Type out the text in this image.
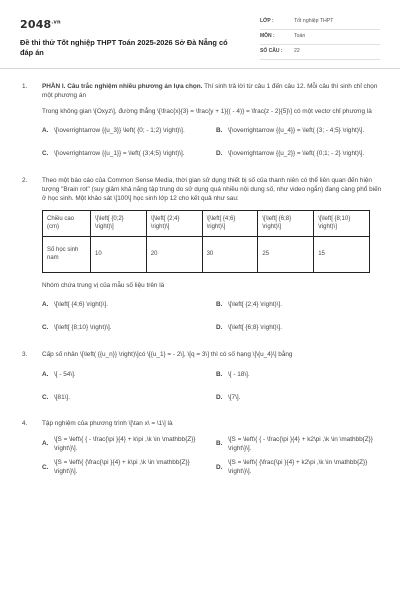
$2048^{.vn}$
Đề thi thử Tốt nghiệp THPT Toán 2025-2026 Sở Đà Nẵng có đáp án
LỚP :	Tốt nghiệp THPT
MÔN :	Toán
SỐ CÂU :	22
1.	PHẦN I. Câu trắc nghiệm nhiều phương án lựa chọn. Thí sinh trả lời từ câu 1 đến câu 12. Mỗi câu thí sinh chỉ chọn một phương án
Trong không gian \[Oxyz\], đường thẳng \[\frac{x}{3} = \frac{y + 1}{( - 4)} = \frac{z - 2}{5}\] có một vectơ chỉ phương là
A. \[\overrightarrow {{u_3}} \left( {0; - 1;2} \right)\].	B. \[\overrightarrow {{u_4}} = \left( {3; - 4;5} \right)\].
C. \[\overrightarrow {{u_1}} = \left( {3;4;5} \right)\].	D. \[\overrightarrow {{u_2}} = \left( {0;1; - 2} \right)\].
2.	Theo một báo cáo của Common Sense Media, thời gian sử dụng thiết bị số của thanh niên có thể liên quan đến hiện tượng "Brain rot" (suy giảm khả năng tập trung do sử dụng quá nhiều nội dung số, như video ngắn) đang càng phổ biến ở học sinh. Một khảo sát \[100\] học sinh lớp 12 cho kết quả như sau:
Chiều cao (cm)	\[\left[ {0;2} \right)\]	\[\left[ {2;4} \right)\]	\[\left[ {4;6} \right)\]	\[\left[ {6;8} \right)\]	\[\left[ {8;10} \right)\]
Số học sinh nam	10	20	30	25	15
Nhóm chứa trung vị của mẫu số liệu trên là
A. \[\left[ {4;6} \right)\].	B. \[\left[ {2;4} \right)\].
C. \[\left[ {8;10} \right)\].	D. \[\left[ {6;8} \right)\].
3.	Cấp số nhân \[\left( {{u_n}} \right)\]có \[{u_1} = - 2\], \[q = 3\] thì có số hạng \[\{u_4}\] bằng
A. \[ - 54\].	B. \[ - 18\].
C. \[81\].	D. \[7\].
4.	Tập nghiệm của phương trình \[\tan x\ = \1\] là
A.
\[S = \left\{ { - \frac{\pi }{4} + k\pi ,\k \in \mathbb{Z}} \right\}\].
B.
\[S = \left\{ { - \frac{\pi }{4} + k2\pi ,\k \in \mathbb{Z}} \right\}\].
C.
\[S = \left\{ {\frac{\pi }{4} + k\pi ,\k \in \mathbb{Z}} \right\}\].
D.
\[S = \left\{ {\frac{\pi }{4} + k2\pi ,\k \in \mathbb{Z}} \right\}\].
